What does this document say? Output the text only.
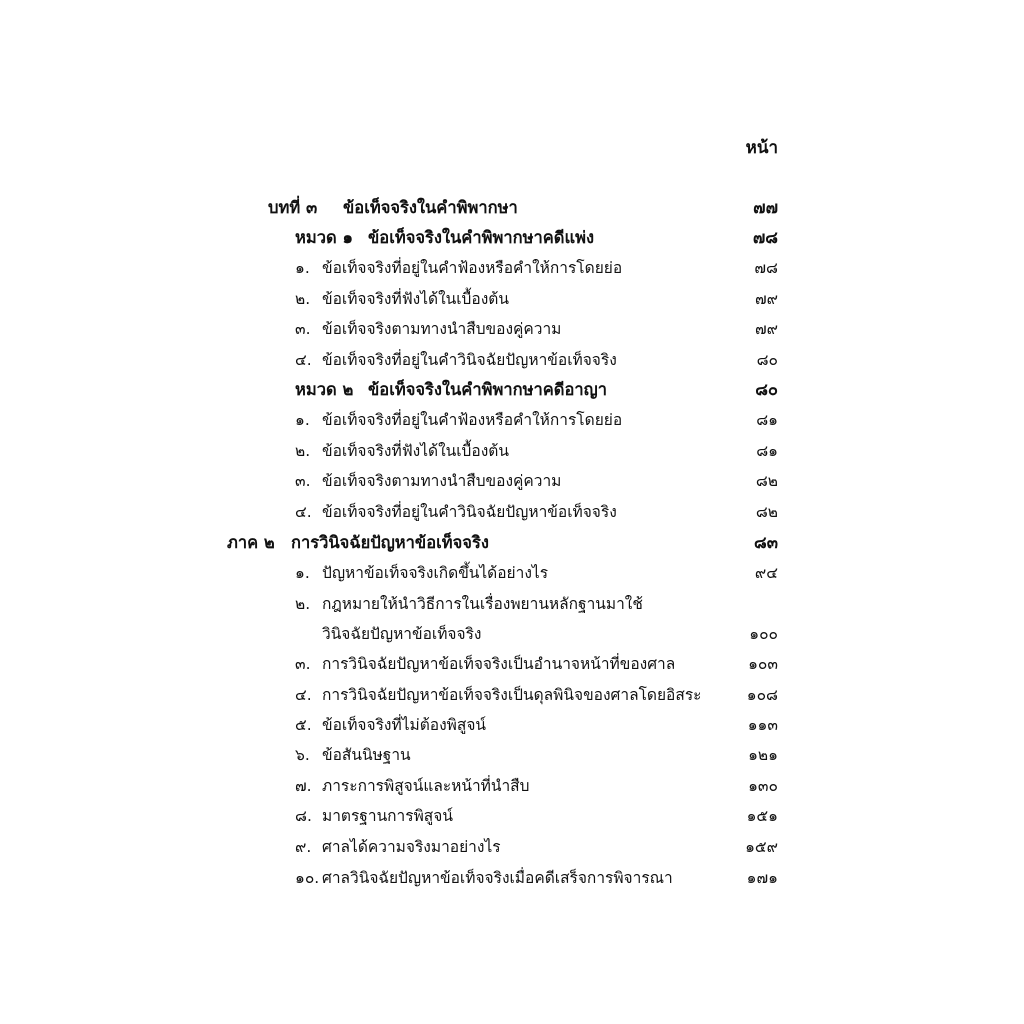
หน้า
บทที่ ๓ ข้อเท็จจริงในคำพิพากษา	๗๗
หมวด ๑ ข้อเท็จจริงในคำพิพากษาคดีแพ่ง	๗๘
๑. ข้อเท็จจริงที่อยู่ในคำฟ้องหรือคำให้การโดยย่อ	๗๘
๒. ข้อเท็จจริงที่ฟังได้ในเบื้องต้น	๗๙
๓. ข้อเท็จจริงตามทางนำสืบของคู่ความ	๗๙
๔. ข้อเท็จจริงที่อยู่ในคำวินิจฉัยปัญหาข้อเท็จจริง	๘๐
หมวด ๒ ข้อเท็จจริงในคำพิพากษาคดีอาญา	๘๐
๑. ข้อเท็จจริงที่อยู่ในคำฟ้องหรือคำให้การโดยย่อ	๘๑
๒. ข้อเท็จจริงที่ฟังได้ในเบื้องต้น	๘๑
๓. ข้อเท็จจริงตามทางนำสืบของคู่ความ	๘๒
๔. ข้อเท็จจริงที่อยู่ในคำวินิจฉัยปัญหาข้อเท็จจริง	๘๒
ภาค ๒ การวินิจฉัยปัญหาข้อเท็จจริง	๘๓
๑. ปัญหาข้อเท็จจริงเกิดขึ้นได้อย่างไร	๙๔
๒. กฎหมายให้นำวิธีการในเรื่องพยานหลักฐานมาใช้
วินิจฉัยปัญหาข้อเท็จจริง	๑๐๐
๓. การวินิจฉัยปัญหาข้อเท็จจริงเป็นอำนาจหน้าที่ของศาล	๑๐๓
๔. การวินิจฉัยปัญหาข้อเท็จจริงเป็นดุลพินิจของศาลโดยอิสระ	๑๐๘
๕. ข้อเท็จจริงที่ไม่ต้องพิสูจน์	๑๑๓
๖. ข้อสันนิษฐาน	๑๒๑
๗. ภาระการพิสูจน์และหน้าที่นำสืบ	๑๓๐
๘. มาตรฐานการพิสูจน์	๑๕๑
๙. ศาลได้ความจริงมาอย่างไร	๑๕๙
๑๐. ศาลวินิจฉัยปัญหาข้อเท็จจริงเมื่อคดีเสร็จการพิจารณา	๑๗๑
